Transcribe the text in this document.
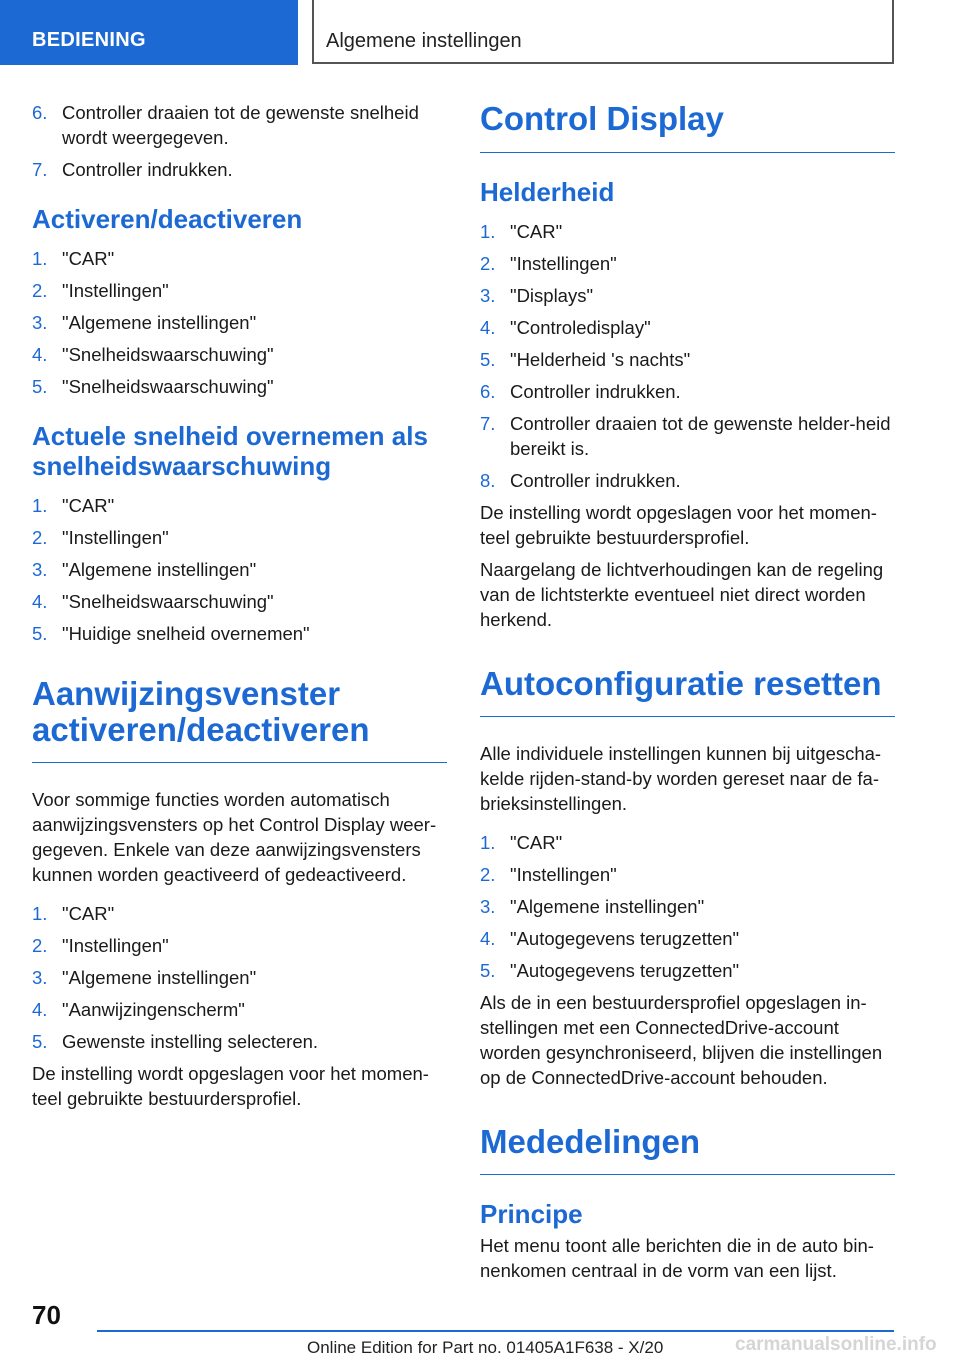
BEDIENING	Algemene instellingen
6. Controller draaien tot de gewenste snelheid wordt weergegeven.
7. Controller indrukken.
Activeren/deactiveren
1. "CAR"
2. "Instellingen"
3. "Algemene instellingen"
4. "Snelheidswaarschuwing"
5. "Snelheidswaarschuwing"
Actuele snelheid overnemen als snelheidswaarschuwing
1. "CAR"
2. "Instellingen"
3. "Algemene instellingen"
4. "Snelheidswaarschuwing"
5. "Huidige snelheid overnemen"
Aanwijzingsvenster activeren/deactiveren

Voor sommige functies worden automatisch aanwijzingsvensters op het Control Display weer-gegeven. Enkele van deze aanwijzingsvensters kunnen worden geactiveerd of gedeactiveerd.

1. "CAR"
2. "Instellingen"
3. "Algemene instellingen"
4. "Aanwijzingenscherm"
5. Gewenste instelling selecteren.

De instelling wordt opgeslagen voor het momen-teel gebruikte bestuurdersprofiel.

Control Display
Helderheid
1. "CAR"
2. "Instellingen"
3. "Displays"
4. "Controledisplay"
5. "Helderheid 's nachts"
6. Controller indrukken.
7. Controller draaien tot de gewenste helder-heid bereikt is.
8. Controller indrukken.

De instelling wordt opgeslagen voor het momen-teel gebruikte bestuurdersprofiel.

Naargelang de lichtverhoudingen kan de regeling van de lichtsterkte eventueel niet direct worden herkend.

Autoconfiguratie resetten

Alle individuele instellingen kunnen bij uitgescha-kelde rijden-stand-by worden gereset naar de fa-brieksinstellingen.

1. "CAR"
2. "Instellingen"
3. "Algemene instellingen"
4. "Autogegevens terugzetten"
5. "Autogegevens terugzetten"

Als de in een bestuurdersprofiel opgeslagen in-stellingen met een ConnectedDrive-account worden gesynchroniseerd, blijven die instellingen op de ConnectedDrive-account behouden.

Mededelingen
Principe

Het menu toont alle berichten die in de auto bin-nenkomen centraal in de vorm van een lijst.

70
Online Edition for Part no. 01405A1F638 - X/20	carmanualsonline.info
